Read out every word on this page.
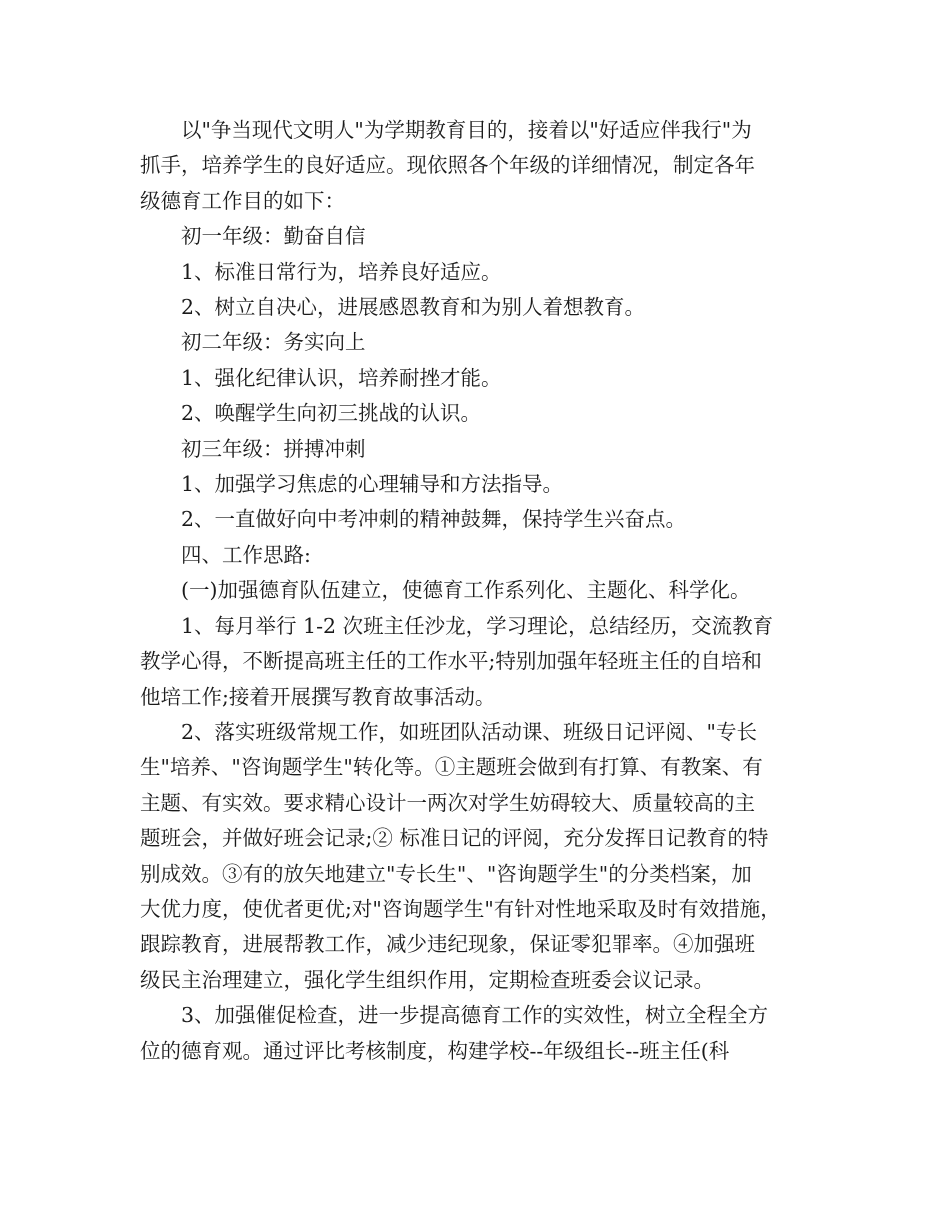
以"争当现代文明人"为学期教育目的，接着以"好适应伴我行"为
抓手，培养学生的良好适应。现依照各个年级的详细情况，制定各年
级德育工作目的如下：
初一年级：勤奋自信
1、标准日常行为，培养良好适应。
2、树立自决心，进展感恩教育和为别人着想教育。
初二年级：务实向上
1、强化纪律认识，培养耐挫才能。
2、唤醒学生向初三挑战的认识。
初三年级：拼搏冲刺
1、加强学习焦虑的心理辅导和方法指导。
2、一直做好向中考冲刺的精神鼓舞，保持学生兴奋点。
四、工作思路:
(一)加强德育队伍建立，使德育工作系列化、主题化、科学化。
1、每月举行 1-2 次班主任沙龙，学习理论，总结经历，交流教育
教学心得，不断提高班主任的工作水平;特别加强年轻班主任的自培和
他培工作;接着开展撰写教育故事活动。
2、落实班级常规工作，如班团队活动课、班级日记评阅、"专长
生"培养、"咨询题学生"转化等。①主题班会做到有打算、有教案、有
主题、有实效。要求精心设计一两次对学生妨碍较大、质量较高的主
题班会，并做好班会记录;② 标准日记的评阅，充分发挥日记教育的特
别成效。③有的放矢地建立"专长生"、"咨询题学生"的分类档案，加
大优力度，使优者更优;对"咨询题学生"有针对性地采取及时有效措施，
跟踪教育，进展帮教工作，减少违纪现象，保证零犯罪率。④加强班
级民主治理建立，强化学生组织作用，定期检查班委会议记录。
3、加强催促检查，进一步提高德育工作的实效性，树立全程全方
位的德育观。通过评比考核制度，构建学校--年级组长--班主任(科
